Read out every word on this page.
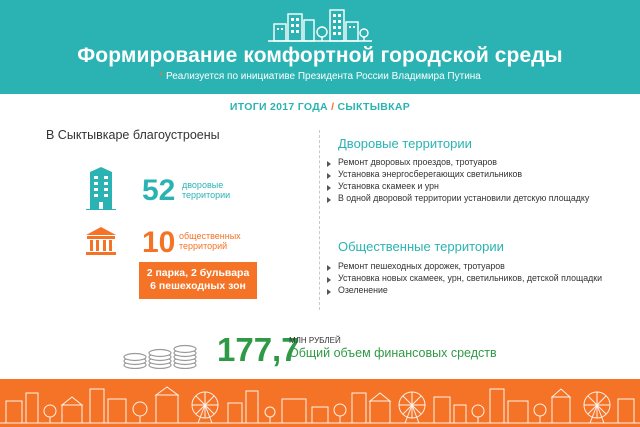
Формирование комфортной городской среды
* Реализуется по инициативе Президента России Владимира Путина
ИТОГИ 2017 ГОДА / СЫКТЫВКАР
В Сыктывкаре благоустроены
52 дворовые
территории
10 общественных
территорий
2 парка, 2 бульвара
6 пешеходных зон
Дворовые территории
Ремонт дворовых проездов, тротуаров
Установка энергосберегающих светильников
Установка скамеек и урн
В одной дворовой территории установили детскую площадку
Общественные территории
Ремонт пешеходных дорожек, тротуаров
Установка новых скамеек, урн, светильников, детской площадки
Озеленение
177,7
МЛН РУБЛЕЙ
Общий объем финансовых средств
